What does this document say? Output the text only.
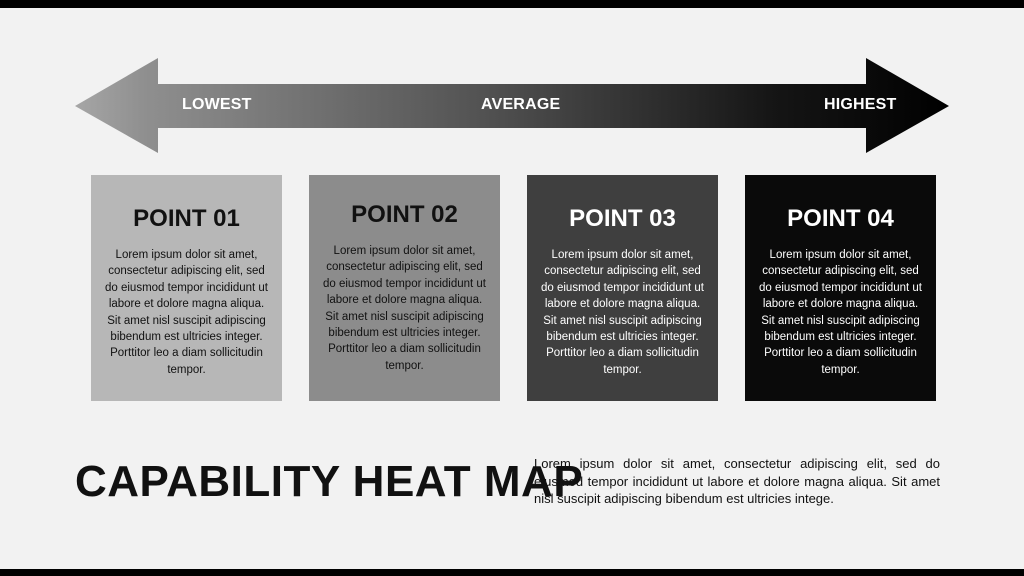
LOWEST	AVERAGE	HIGHEST
POINT 01
Lorem ipsum dolor sit amet, consectetur adipiscing elit, sed do eiusmod tempor incididunt ut labore et dolore magna aliqua. Sit amet nisl suscipit adipiscing bibendum est ultricies integer. Porttitor leo a diam sollicitudin tempor.
POINT 02
Lorem ipsum dolor sit amet, consectetur adipiscing elit, sed do eiusmod tempor incididunt ut labore et dolore magna aliqua. Sit amet nisl suscipit adipiscing bibendum est ultricies integer. Porttitor leo a diam sollicitudin tempor.
POINT 03
Lorem ipsum dolor sit amet, consectetur adipiscing elit, sed do eiusmod tempor incididunt ut labore et dolore magna aliqua. Sit amet nisl suscipit adipiscing bibendum est ultricies integer. Porttitor leo a diam sollicitudin tempor.
POINT 04
Lorem ipsum dolor sit amet, consectetur adipiscing elit, sed do eiusmod tempor incididunt ut labore et dolore magna aliqua. Sit amet nisl suscipit adipiscing bibendum est ultricies integer. Porttitor leo a diam sollicitudin tempor.
CAPABILITY HEAT MAP
Lorem ipsum dolor sit amet, consectetur adipiscing elit, sed do eiusmod tempor incididunt ut labore et dolore magna aliqua. Sit amet nisl suscipit adipiscing bibendum est ultricies intege.
